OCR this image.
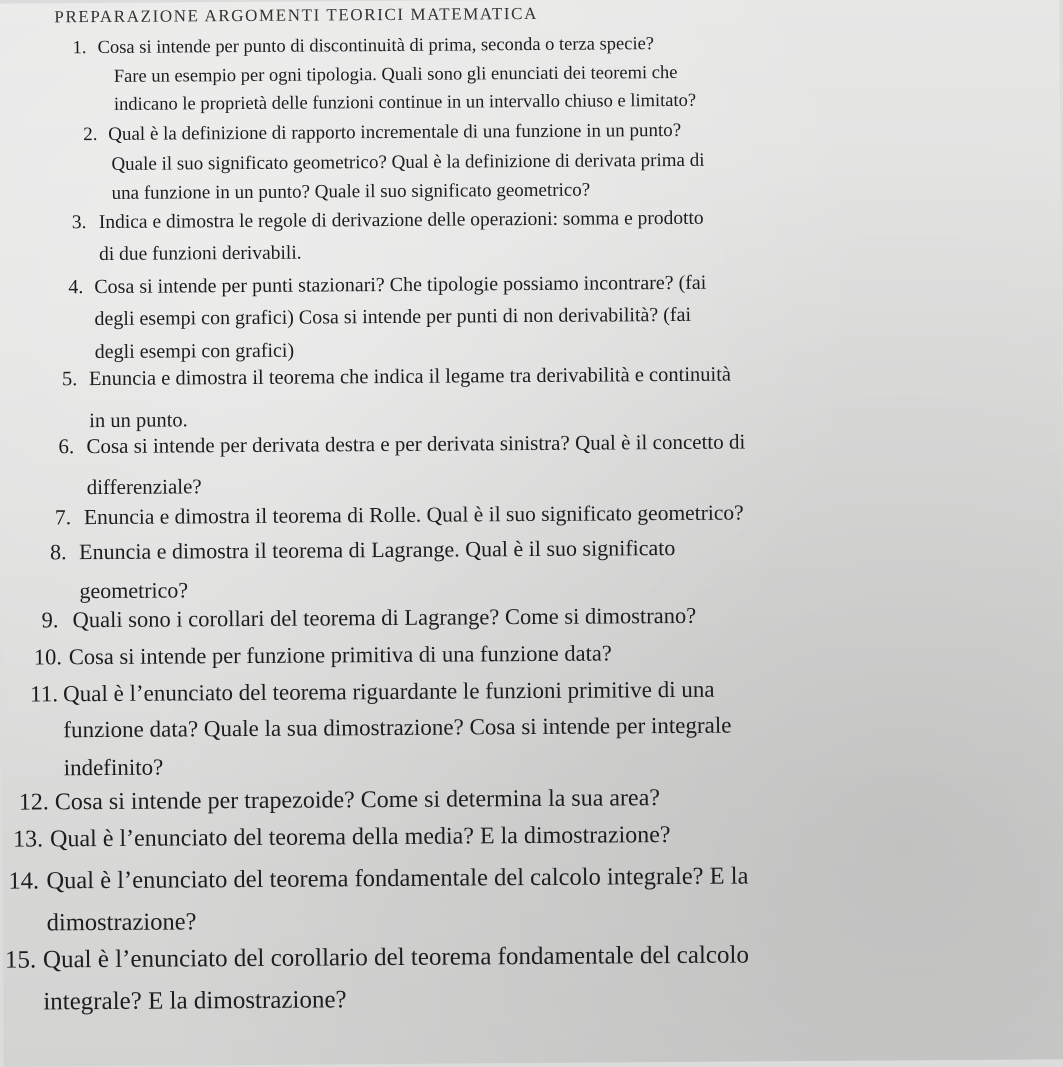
PREPARAZIONE ARGOMENTI TEORICI MATEMATICA
1. Cosa si intende per punto di discontinuità di prima, seconda o terza specie?
Fare un esempio per ogni tipologia. Quali sono gli enunciati dei teoremi che
indicano le proprietà delle funzioni continue in un intervallo chiuso e limitato?
2. Qual è la definizione di rapporto incrementale di una funzione in un punto?
Quale il suo significato geometrico? Qual è la definizione di derivata prima di
una funzione in un punto? Quale il suo significato geometrico?
3. Indica e dimostra le regole di derivazione delle operazioni: somma e prodotto
di due funzioni derivabili.
4. Cosa si intende per punti stazionari? Che tipologie possiamo incontrare? (fai
degli esempi con grafici) Cosa si intende per punti di non derivabilità? (fai
degli esempi con grafici)
5. Enuncia e dimostra il teorema che indica il legame tra derivabilità e continuità
in un punto.
6. Cosa si intende per derivata destra e per derivata sinistra? Qual è il concetto di
differenziale?
7. Enuncia e dimostra il teorema di Rolle. Qual è il suo significato geometrico?
8. Enuncia e dimostra il teorema di Lagrange. Qual è il suo significato
geometrico?
9. Quali sono i corollari del teorema di Lagrange? Come si dimostrano?
10. Cosa si intende per funzione primitiva di una funzione data?
11. Qual è l’enunciato del teorema riguardante le funzioni primitive di una
funzione data? Quale la sua dimostrazione? Cosa si intende per integrale
indefinito?
12. Cosa si intende per trapezoide? Come si determina la sua area?
13. Qual è l’enunciato del teorema della media? E la dimostrazione?
14. Qual è l’enunciato del teorema fondamentale del calcolo integrale? E la
dimostrazione?
15. Qual è l’enunciato del corollario del teorema fondamentale del calcolo
integrale? E la dimostrazione?
